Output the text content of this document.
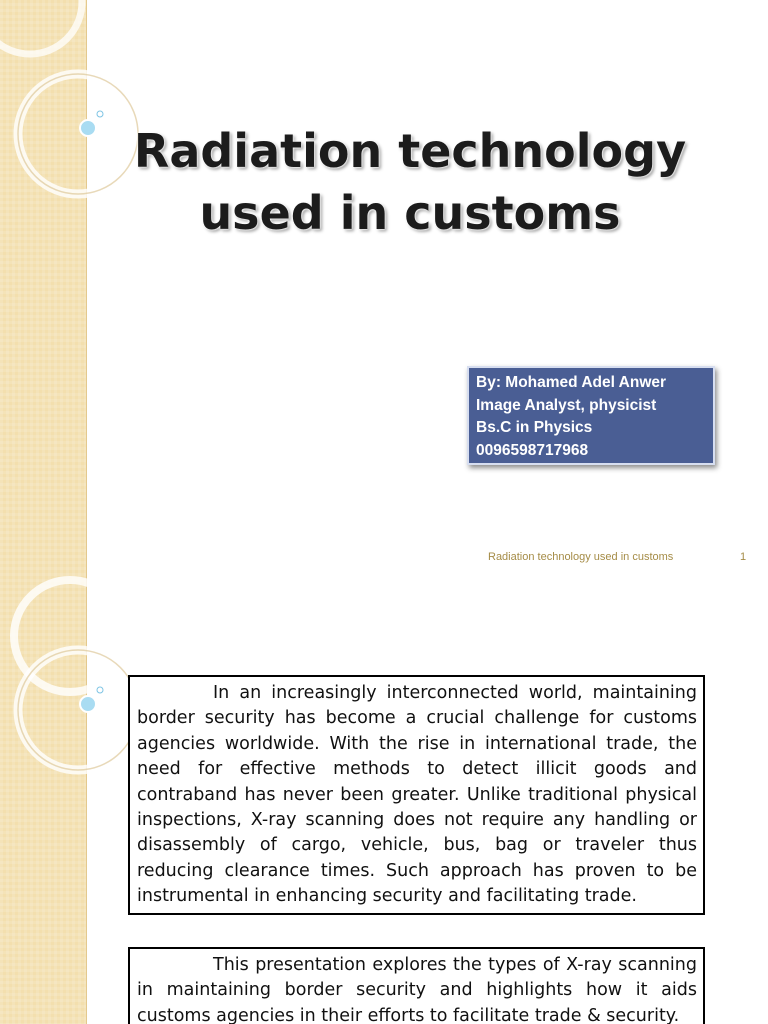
Radiation technology
used in customs
By: Mohamed Adel Anwer
Image Analyst, physicist
Bs.C in Physics
0096598717968
Radiation technology used in customs	1

In an increasingly interconnected world, maintaining border security has become a crucial challenge for customs agencies worldwide. With the rise in international trade, the need for effective methods to detect illicit goods and contraband has never been greater. Unlike traditional physical inspections, X-ray scanning does not require any handling or disassembly of cargo, vehicle, bus, bag or traveler thus reducing clearance times. Such approach has proven to be instrumental in enhancing security and facilitating trade.

This presentation explores the types of X-ray scanning in maintaining border security and highlights how it aids customs agencies in their efforts to facilitate trade & security.
